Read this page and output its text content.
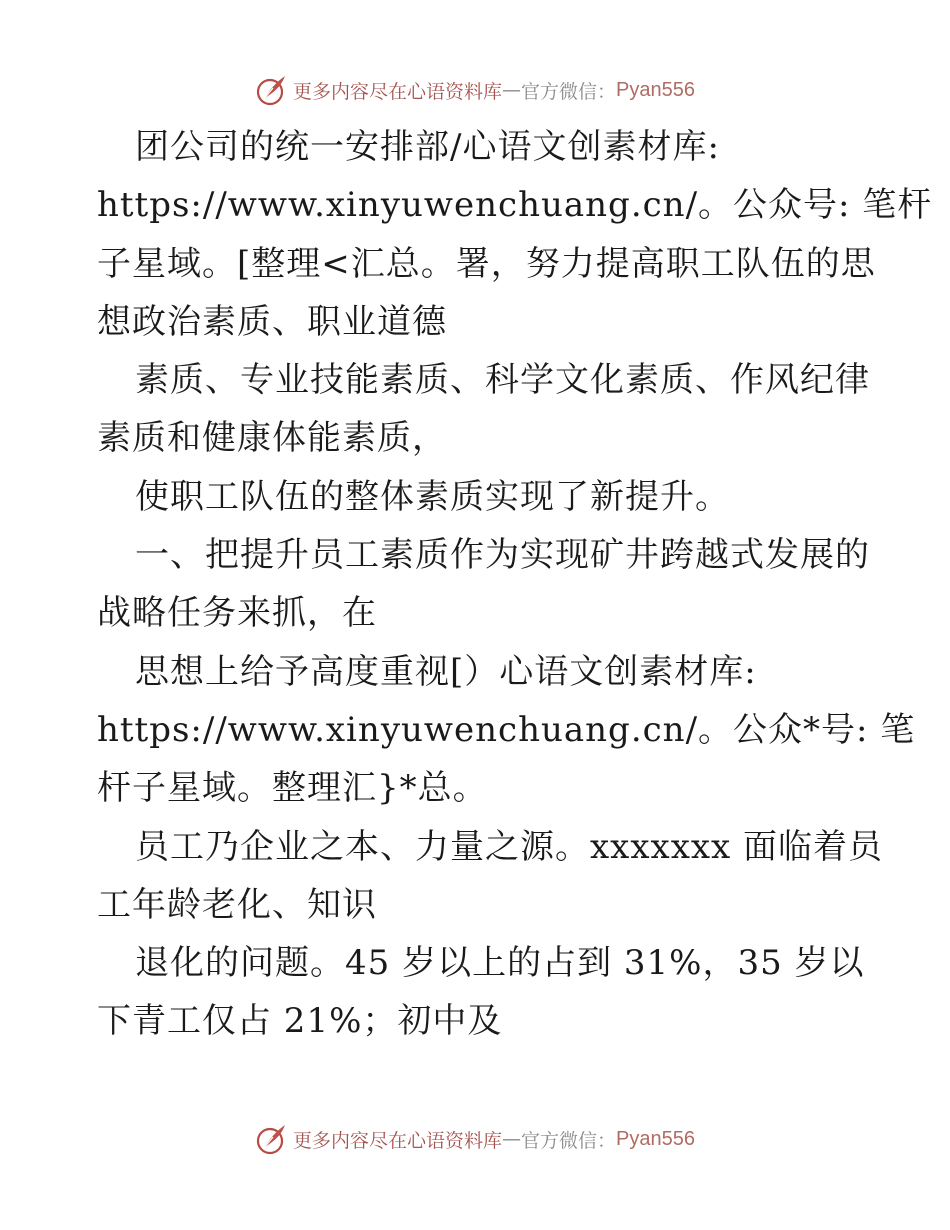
更多内容尽在心语资料库 — 官方微信： Pyan556
团公司的统一安排部/心语文创素材库:
https://www.xinyuwenchuang.cn/。公众号: 笔杆
子星域。[整理<汇总。署，努力提高职工队伍的思
想政治素质、职业道德
素质、专业技能素质、科学文化素质、作风纪律
素质和健康体能素质，
使职工队伍的整体素质实现了新提升。
一、把提升员工素质作为实现矿井跨越式发展的
战略任务来抓，在
思想上给予高度重视[）心语文创素材库:
https://www.xinyuwenchuang.cn/。公众*号: 笔
杆子星域。整理汇}*总。
员工乃企业之本、力量之源。xxxxxxx 面临着员
工年龄老化、知识
退化的问题。45 岁以上的占到 31%，35 岁以
下青工仅占 21%；初中及
更多内容尽在心语资料库 — 官方微信： Pyan556
